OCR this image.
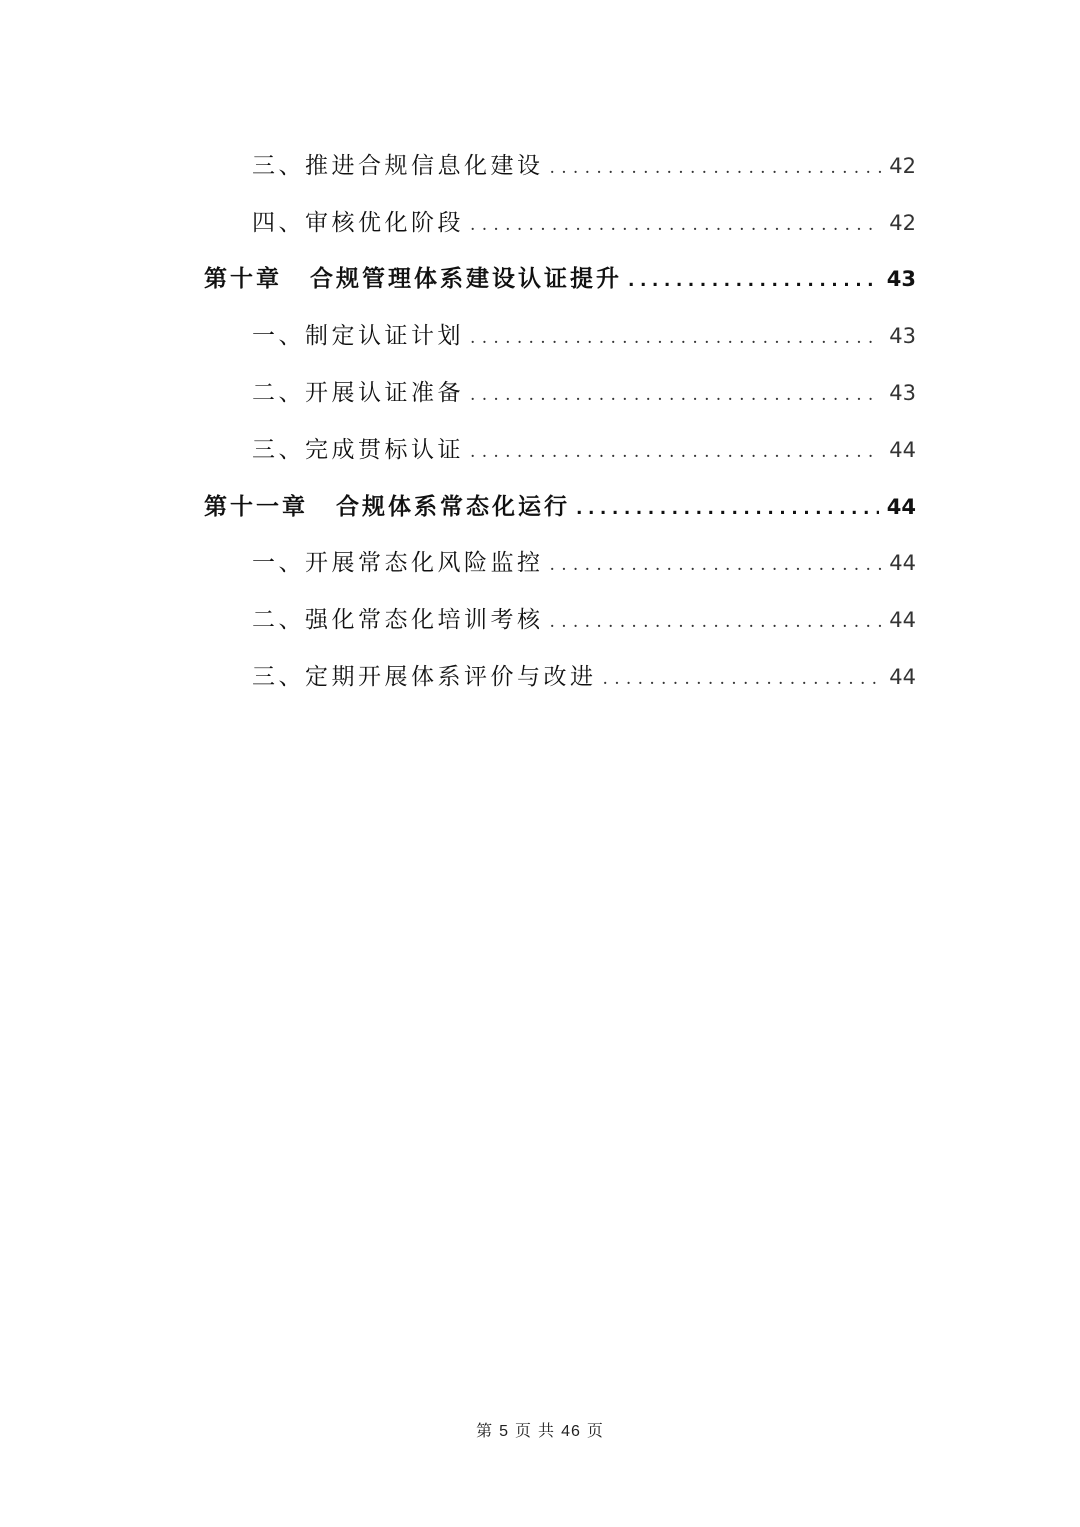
三、推进合规信息化建设 .....	42
四、审核优化阶段 .....	42
第十章 合规管理体系建设认证提升 .....	43
一、制定认证计划 .....	43
二、开展认证准备 .....	43
三、完成贯标认证 .....	44
第十一章 合规体系常态化运行 .....	44
一、开展常态化风险监控 .....	44
二、强化常态化培训考核 .....	44
三、定期开展体系评价与改进 .....	44
第 5 页 共 46 页
